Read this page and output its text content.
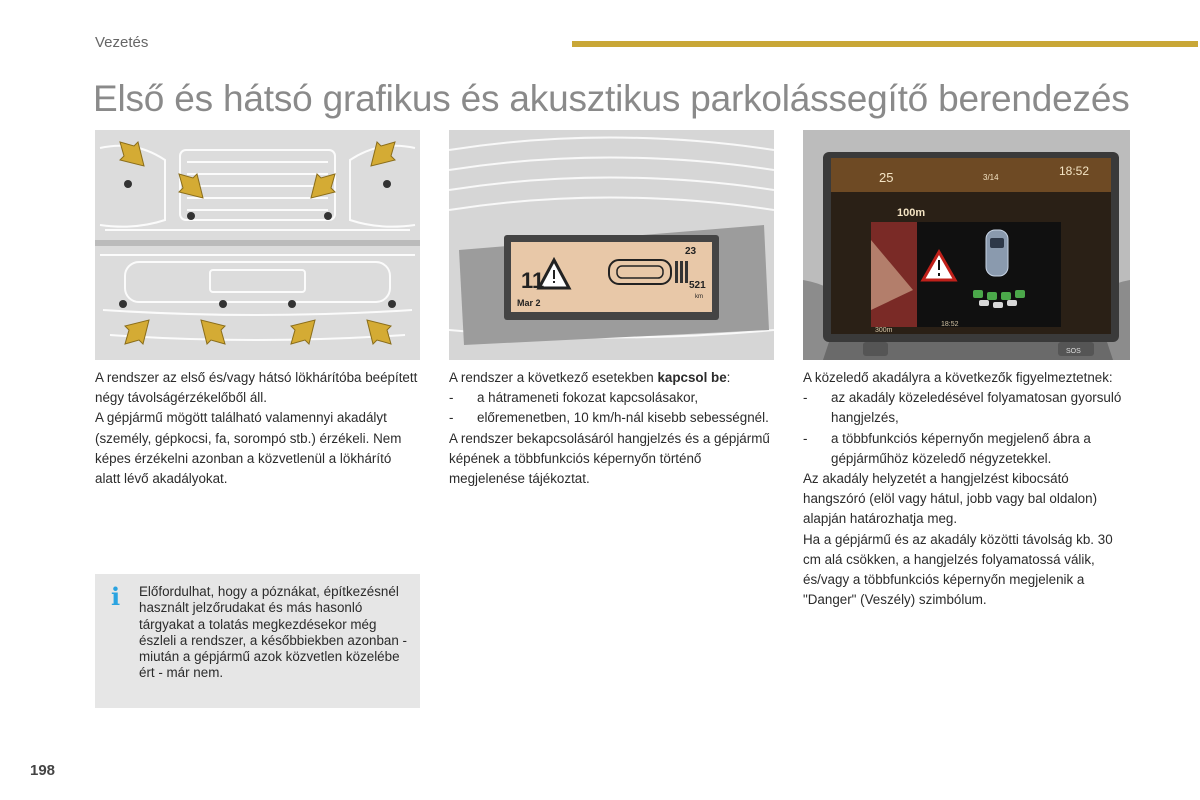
Vezetés
Első és hátsó grafikus és akusztikus parkolássegítő berendezés
11
Mar 2
23
521
km
SOS
25	3/14	18:52
100m
300m
18:52

A rendszer az első és/vagy hátsó lökhárítóba beépített négy távolságérzékelőből áll.

A gépjármű mögött található valamennyi akadályt (személy, gépkocsi, fa, sorompó stb.) érzékeli. Nem képes érzékelni azonban a közvetlenül a lökhárító alatt lévő akadályokat.

A rendszer a következő esetekben kapcsol be:

-	a hátrameneti fokozat kapcsolásakor,
-	előremenetben, 10 km/h-nál kisebb sebességnél.

A rendszer bekapcsolásáról hangjelzés és a gépjármű képének a többfunkciós képernyőn történő megjelenése tájékoztat.

A közeledő akadályra a következők figyelmeztetnek:

-	az akadály közeledésével folyamatosan gyorsuló hangjelzés,
-	a többfunkciós képernyőn megjelenő ábra a gépjárműhöz közeledő négyzetekkel.

Az akadály helyzetét a hangjelzést kibocsátó hangszóró (elöl vagy hátul, jobb vagy bal oldalon) alapján határozhatja meg.

Ha a gépjármű és az akadály közötti távolság kb. 30 cm alá csökken, a hangjelzés folyamatossá válik, és/vagy a többfunkciós képernyőn megjelenik a "Danger" (Veszély) szimbólum.

i Előfordulhat, hogy a póznákat, építkezésnél használt jelzőrudakat és más hasonló tárgyakat a tolatás megkezdésekor még észleli a rendszer, a későbbiekben azonban - miután a gépjármű azok közvetlen közelébe ért - már nem.
198
